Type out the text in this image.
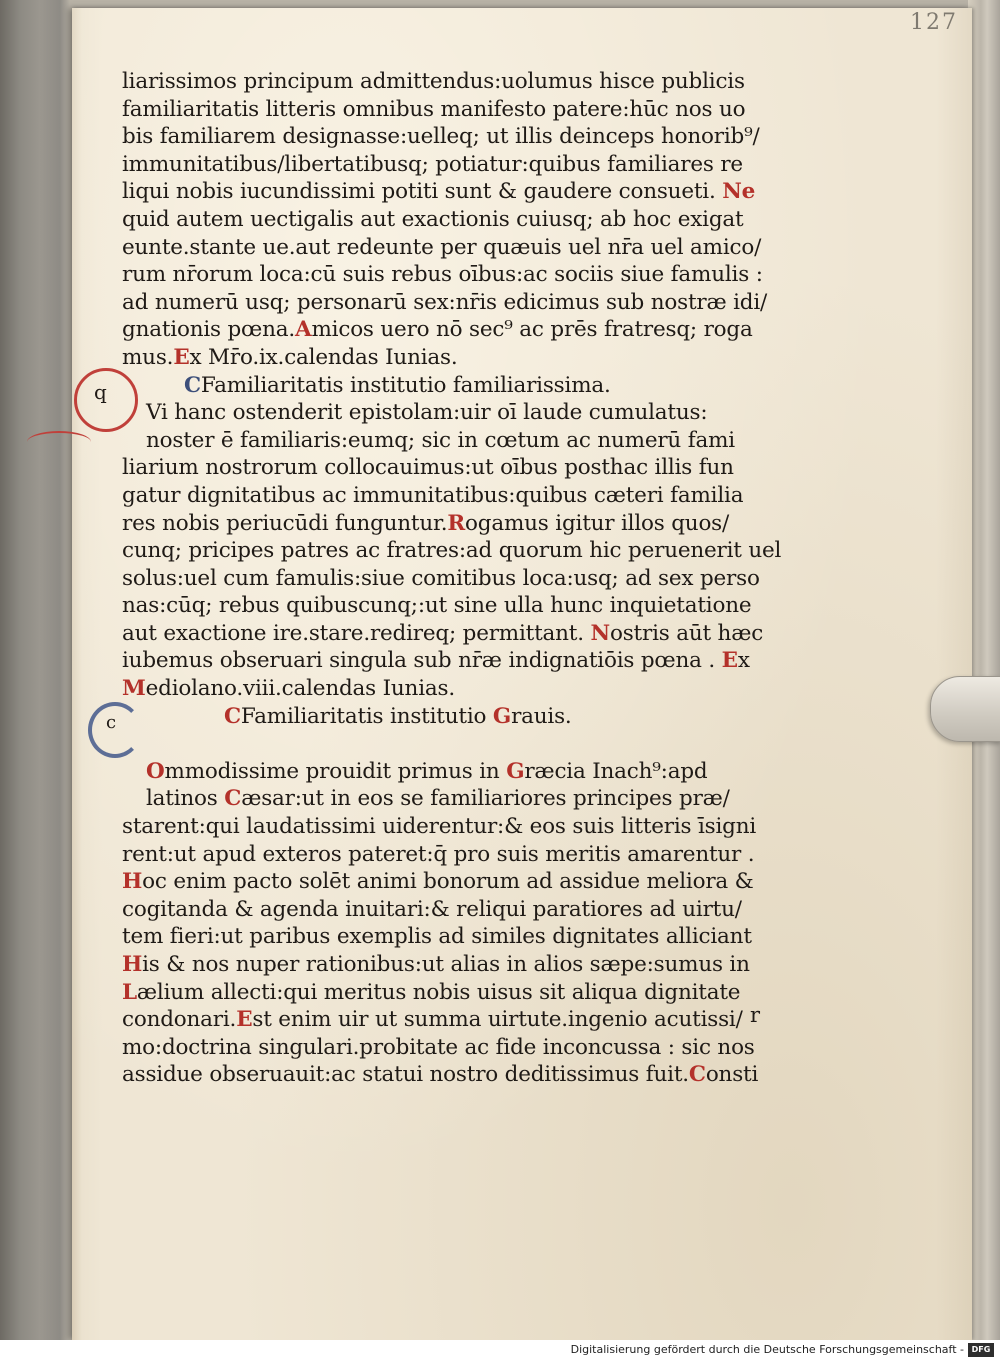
127
liarissimos principum admittendus:uolumus hisce publicis
familiaritatis litteris omnibus manifesto patere:hūc nos uo
bis familiarem designasse:uelleq; ut illis deinceps honorib⁹/
immunitatibus/libertatibusq; potiatur:quibus familiares re
liqui nobis iucundissimi potiti sunt & gaudere consueti. Ne
quid autem uectigalis aut exactionis cuiusq; ab hoc exigat
eunte.stante ue.aut redeunte per quæuis uel nr̄a uel amico/
rum nr̄orum loca:cū suis rebus oībus:ac sociis siue famulis :
ad numerū usq; personarū sex:nr̄is edicimus sub nostræ idi/
gnationis pœna.Amicos uero nō sec⁹ ac prēs fratresq; roga
mus.Ex Mr̄o.ix.calendas Iunias.
CFamiliaritatis institutio familiarissima.
q
Vi hanc ostenderit epistolam:uir oī laude cumulatus:
noster ē familiaris:eumq; sic in cœtum ac numerū fami
liarium nostrorum collocauimus:ut oībus posthac illis fun
gatur dignitatibus ac immunitatibus:quibus cæteri familia
res nobis periucūdi funguntur.Rogamus igitur illos quos/
cunq; pricipes patres ac fratres:ad quorum hic peruenerit uel
solus:uel cum famulis:siue comitibus loca:usq; ad sex perso
nas:cūq; rebus quibuscunq;:ut sine ulla hunc inquietatione
aut exactione ire.stare.redireq; permittant. Nostris aūt hæc
iubemus obseruari singula sub nr̄æ indignatiōis pœna . Ex
Mediolano.viii.calendas Iunias.
CFamiliaritatis institutio Grauis.
c
Ommodissime prouidit primus in Græcia Inach⁹:apd
latinos Cæsar:ut in eos se familiariores principes præ/
starent:qui laudatissimi uiderentur:& eos suis litteris īsigni
rent:ut apud exteros pateret:q̄ pro suis meritis amarentur .
Hoc enim pacto solēt animi bonorum ad assidue meliora &
cogitanda & agenda inuitari:& reliqui paratiores ad uirtu/
tem fieri:ut paribus exemplis ad similes dignitates alliciant
His & nos nuper rationibus:ut alias in alios sæpe:sumus in
Lælium allecti:qui meritus nobis uisus sit aliqua dignitate
condonari.Est enim uir ut summa uirtute.ingenio acutissi/
mo:doctrina singulari.probitate ac fide inconcussa : sic nos
assidue obseruauit:ac statui nostro deditissimus fuit.Consti
r
Digitalisierung gefördert durch die Deutsche Forschungsgemeinschaft - DFG
